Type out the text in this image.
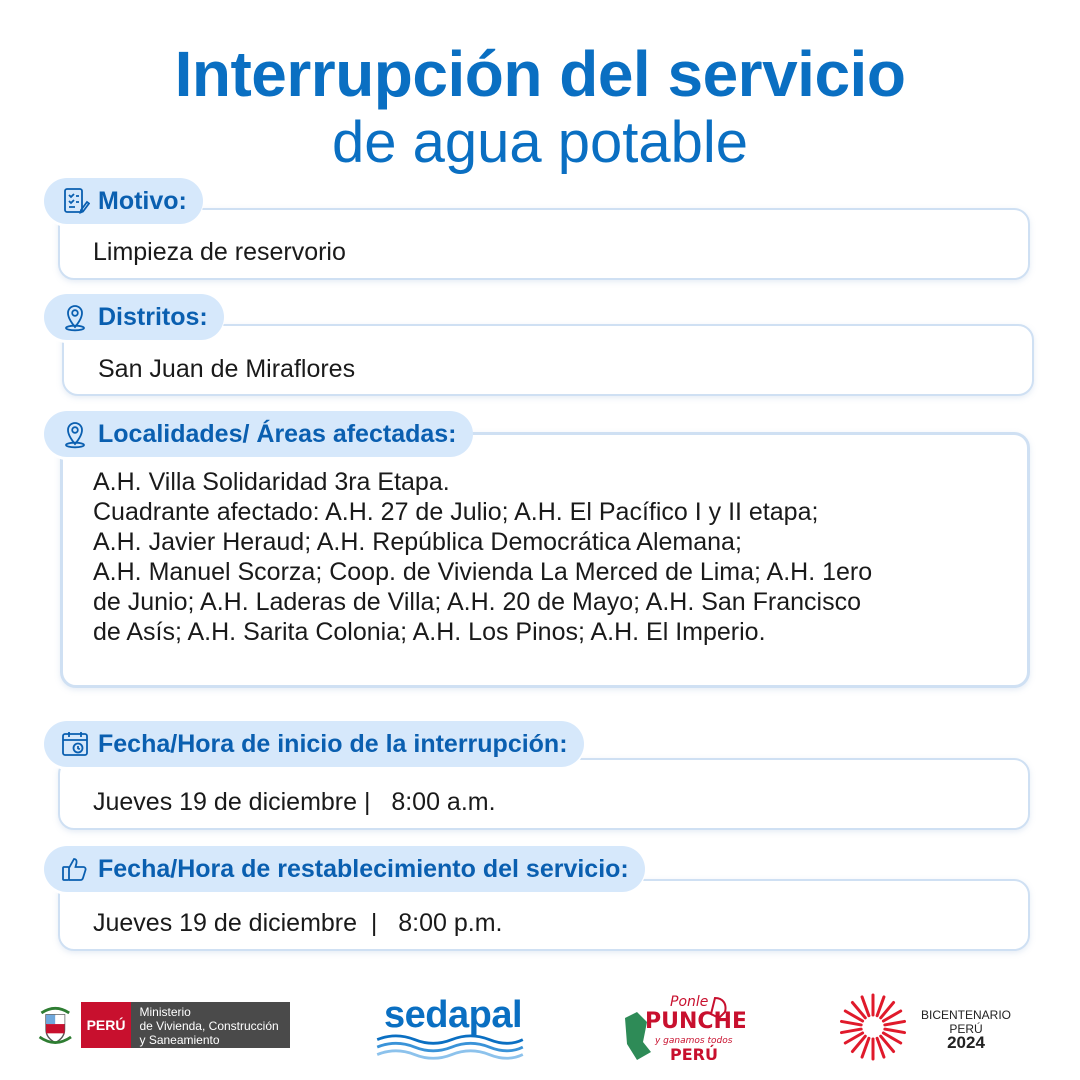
Interrupción del servicio
de agua potable
Motivo:
Limpieza de reservorio
Distritos:
San Juan de Miraflores
Localidades/ Áreas afectadas:
A.H. Villa Solidaridad 3ra Etapa.
Cuadrante afectado: A.H. 27 de Julio; A.H. El Pacífico I y II etapa;
A.H. Javier Heraud; A.H. República Democrática Alemana;
A.H. Manuel Scorza; Coop. de Vivienda La Merced de Lima; A.H. 1ero
de Junio; A.H. Laderas de Villa; A.H. 20 de Mayo; A.H. San Francisco
de Asís; A.H. Sarita Colonia; A.H. Los Pinos; A.H. El Imperio.
Fecha/Hora de inicio de la interrupción:
Jueves 19 de diciembre |   8:00 a.m.
Fecha/Hora de restablecimiento del servicio:
Jueves 19 de diciembre  |   8:00 p.m.
PERÚ
Ministerio
de Vivienda, Construcción
y Saneamiento
sedapal	Ponle
PUNCHE
y ganamos todos
PERÚ
BICENTENARIO
PERÚ
2024
